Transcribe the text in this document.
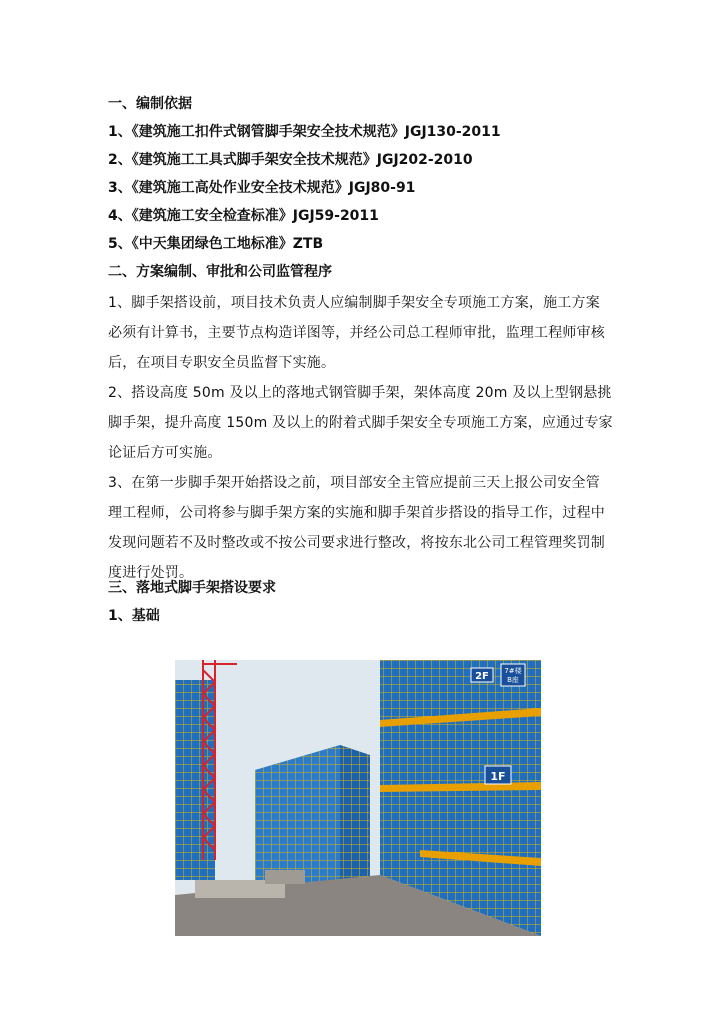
一、编制依据
1、《建筑施工扣件式钢管脚手架安全技术规范》JGJ130-2011
2、《建筑施工工具式脚手架安全技术规范》JGJ202-2010
3、《建筑施工高处作业安全技术规范》JGJ80-91
4、《建筑施工安全检查标准》JGJ59-2011
5、《中天集团绿色工地标准》ZTB
二、方案编制、审批和公司监管程序
1、脚手架搭设前，项目技术负责人应编制脚手架安全专项施工方案，施工方案
必须有计算书，主要节点构造详图等，并经公司总工程师审批，监理工程师审核
后，在项目专职安全员监督下实施。
2、搭设高度 50m 及以上的落地式钢管脚手架，架体高度 20m 及以上型钢悬挑
脚手架，提升高度 150m 及以上的附着式脚手架安全专项施工方案，应通过专家
论证后方可实施。
3、在第一步脚手架开始搭设之前，项目部安全主管应提前三天上报公司安全管
理工程师，公司将参与脚手架方案的实施和脚手架首步搭设的指导工作，过程中
发现问题若不及时整改或不按公司要求进行整改，将按东北公司工程管理奖罚制
度进行处罚。
三、落地式脚手架搭设要求
1、基础
2F 7#楼
B座
1F
